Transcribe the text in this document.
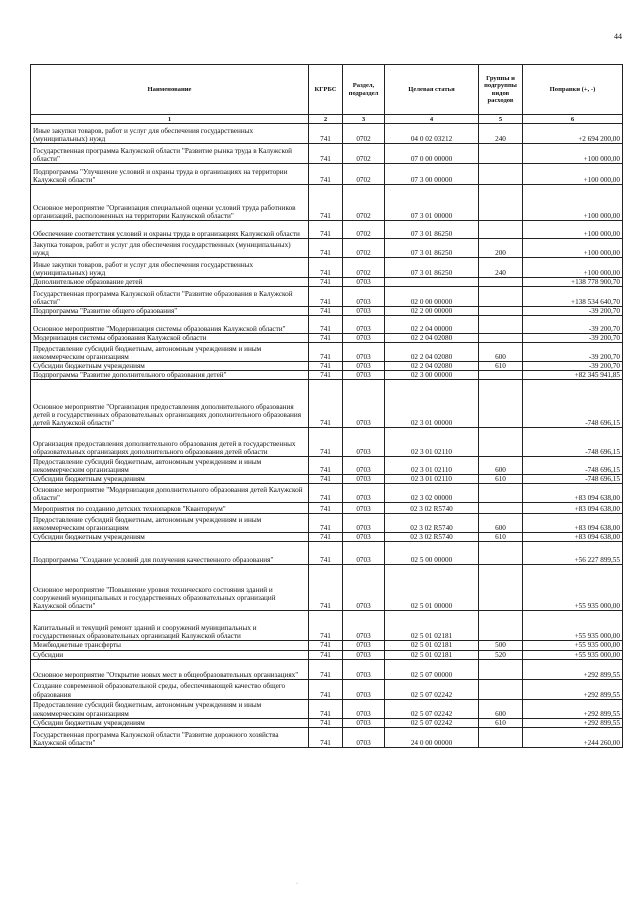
44
Наименование	КГРБС	Раздел, подраздел	Целевая статья	Группы и подгруппы видов расходов	Поправки (+, -)
1	2	3	4	5	6
Иные закупки товаров, работ и услуг для обеспечения государственных (муниципальных) нужд	741	0702	04 0 02 03212	240	+2 694 200,00
Государственная программа Калужской области "Развитие рынка труда в Калужской области"	741	0702	07 0 00 00000		+100 000,00
Подпрограмма "Улучшение условий и охраны труда в организациях на территории Калужской области"	741	0702	07 3 00 00000		+100 000,00
Основное мероприятие "Организация специальной оценки условий труда работников организаций, расположенных на территории Калужской области"	741	0702	07 3 01 00000		+100 000,00
Обеспечение соответствия условий и охраны труда в организациях Калужской области	741	0702	07 3 01 86250		+100 000,00
Закупка товаров, работ и услуг для обеспечения государственных (муниципальных) нужд	741	0702	07 3 01 86250	200	+100 000,00
Иные закупки товаров, работ и услуг для обеспечения государственных (муниципальных) нужд	741	0702	07 3 01 86250	240	+100 000,00
Дополнительное образование детей	741	0703			+138 778 900,70
Государственная программа Калужской области "Развитие образования в Калужской области"	741	0703	02 0 00 00000		+138 534 640,70
Подпрограмма "Развитие общего образования"	741	0703	02 2 00 00000		-39 200,70
Основное мероприятие "Модернизация системы образования Калужской области"	741	0703	02 2 04 00000		-39 200,70
Модернизация системы образования Калужской области	741	0703	02 2 04 02080		-39 200,70
Предоставление субсидий бюджетным, автономным учреждениям и иным некоммерческим организациям	741	0703	02 2 04 02080	600	-39 200,70
Субсидии бюджетным учреждениям	741	0703	02 2 04 02080	610	-39 200,70
Подпрограмма "Развитие дополнительного образования детей"	741	0703	02 3 00 00000		+82 345 941,85
Основное мероприятие "Организация предоставления дополнительного образования детей в государственных образовательных организациях дополнительного образования детей Калужской области"	741	0703	02 3 01 00000		-748 696,15
Организация предоставления дополнительного образования детей в государственных образовательных организациях дополнительного образования детей области	741	0703	02 3 01 02110		-748 696,15
Предоставление субсидий бюджетным, автономным учреждениям и иным некоммерческим организациям	741	0703	02 3 01 02110	600	-748 696,15
Субсидии бюджетным учреждениям	741	0703	02 3 01 02110	610	-748 696,15
Основное мероприятие "Модернизация дополнительного образования детей Калужской области"	741	0703	02 3 02 00000		+83 094 638,00
Мероприятия по созданию детских технопарков "Кванториум"	741	0703	02 3 02 R5740		+83 094 638,00
Предоставление субсидий бюджетным, автономным учреждениям и иным некоммерческим организациям	741	0703	02 3 02 R5740	600	+83 094 638,00
Субсидии бюджетным учреждениям	741	0703	02 3 02 R5740	610	+83 094 638,00
Подпрограмма "Создание условий для получения качественного образования"	741	0703	02 5 00 00000		+56 227 899,55
Основное мероприятие "Повышение уровня технического состояния зданий и сооружений муниципальных и государственных образовательных организаций Калужской области"	741	0703	02 5 01 00000		+55 935 000,00
Капитальный и текущий ремонт зданий и сооружений муниципальных и государственных образовательных организаций Калужской области	741	0703	02 5 01 02181		+55 935 000,00
Межбюджетные трансферты	741	0703	02 5 01 02181	500	+55 935 000,00
Субсидии	741	0703	02 5 01 02181	520	+55 935 000,00
Основное мероприятие "Открытие новых мест в общеобразовательных организациях"	741	0703	02 5 07 00000		+292 899,55
Создание современной образовательной среды, обеспечивающей качество общего образования	741	0703	02 5 07 02242		+292 899,55
Предоставление субсидий бюджетным, автономным учреждениям и иным некоммерческим организациям	741	0703	02 5 07 02242	600	+292 899,55
Субсидии бюджетным учреждениям	741	0703	02 5 07 02242	610	+292 899,55
Государственная программа Калужской области "Развитие дорожного хозяйства Калужской области"	741	0703	24 0 00 00000		+244 260,00
·
